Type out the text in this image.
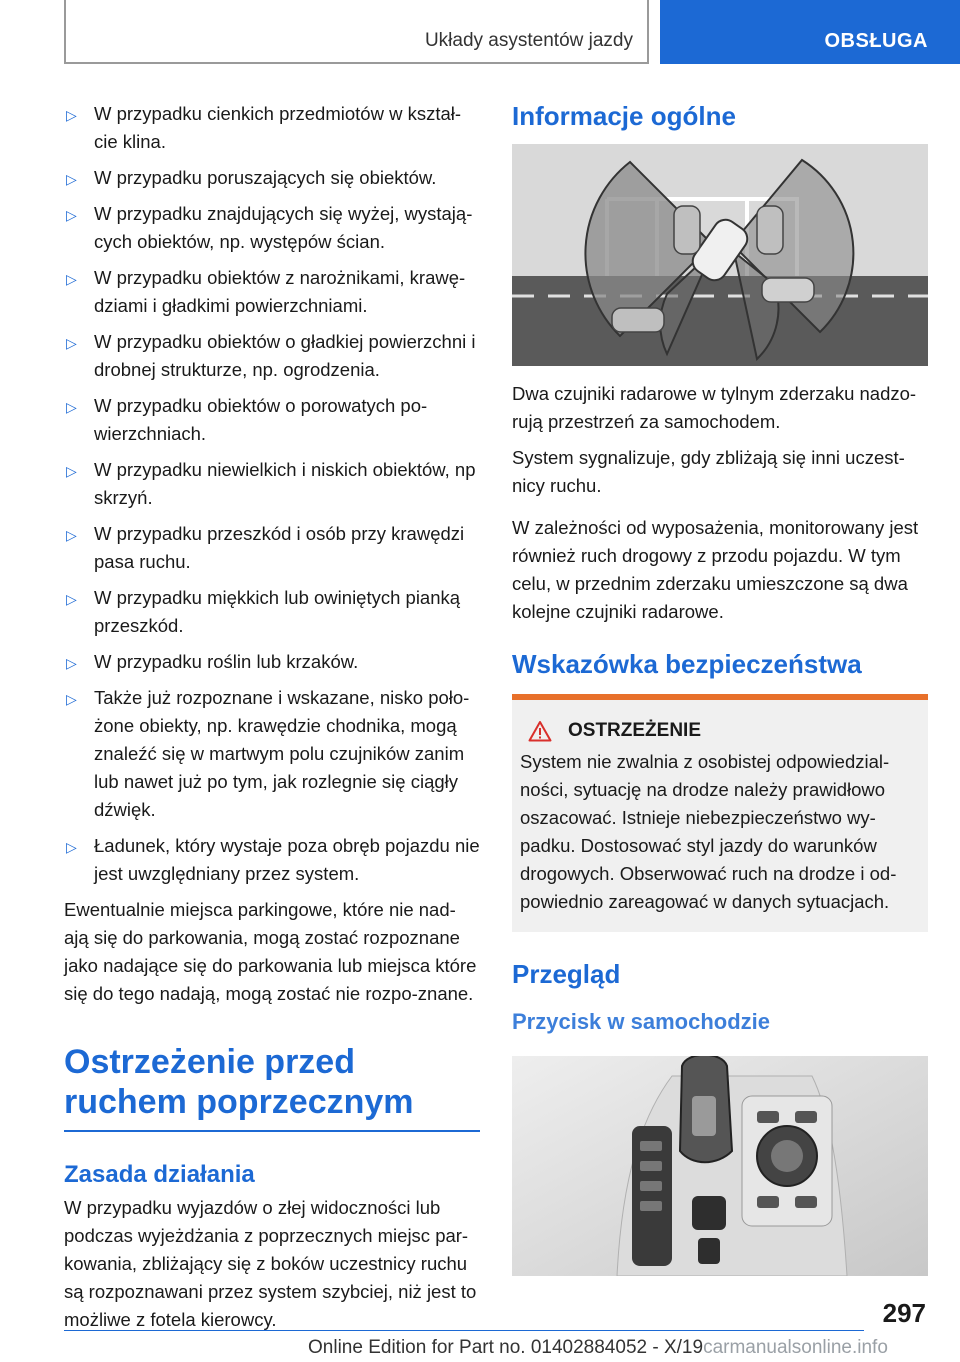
Układy asystentów jazdy	OBSŁUGA
▷ W przypadku cienkich przedmiotów w kształ-cie klina.
▷ W przypadku poruszających się obiektów.
▷ W przypadku znajdujących się wyżej, wystają-cych obiektów, np. występów ścian.
▷ W przypadku obiektów z narożnikami, krawę-dziami i gładkimi powierzchniami.
▷ W przypadku obiektów o gładkiej powierzchni i drobnej strukturze, np. ogrodzenia.
▷ W przypadku obiektów o porowatych po-wierzchniach.
▷ W przypadku niewielkich i niskich obiektów, np skrzyń.
▷ W przypadku przeszkód i osób przy krawędzi pasa ruchu.
▷ W przypadku miękkich lub owiniętych pianką przeszkód.
▷ W przypadku roślin lub krzaków.
▷ Także już rozpoznane i wskazane, nisko poło-żone obiekty, np. krawędzie chodnika, mogą znaleźć się w martwym polu czujników zanim lub nawet już po tym, jak rozlegnie się ciągły dźwięk.
▷ Ładunek, który wystaje poza obręb pojazdu nie jest uwzględniany przez system.

Ewentualnie miejsca parkingowe, które nie nad-ają się do parkowania, mogą zostać rozpoznane jako nadające się do parkowania lub miejsca które się do tego nadają, mogą zostać nie rozpo-znane.

Ostrzeżenie przed ruchem poprzecznym
Zasada działania

W przypadku wyjazdów o złej widoczności lub podczas wyjeżdżania z poprzecznych miejsc par-kowania, zbliżający się z boków uczestnicy ruchu są rozpoznawani przez system szybciej, niż jest to możliwe z fotela kierowcy.

Informacje ogólne

Dwa czujniki radarowe w tylnym zderzaku nadzo-rują przestrzeń za samochodem.

System sygnalizuje, gdy zbliżają się inni uczest-nicy ruchu.

W zależności od wyposażenia, monitorowany jest również ruch drogowy z przodu pojazdu. W tym celu, w przednim zderzaku umieszczone są dwa kolejne czujniki radarowe.

Wskazówka bezpieczeństwa
OSTRZEŻENIE

System nie zwalnia z osobistej odpowiedzial-ności, sytuację na drodze należy prawidłowo oszacować. Istnieje niebezpieczeństwo wy-padku. Dostosować styl jazdy do warunków drogowych. Obserwować ruch na drodze i od-powiednio zareagować w danych sytuacjach.

Przegląd
Przycisk w samochodzie
297
Online Edition for Part no. 01402884052 - X/19carmanualsonline.info
